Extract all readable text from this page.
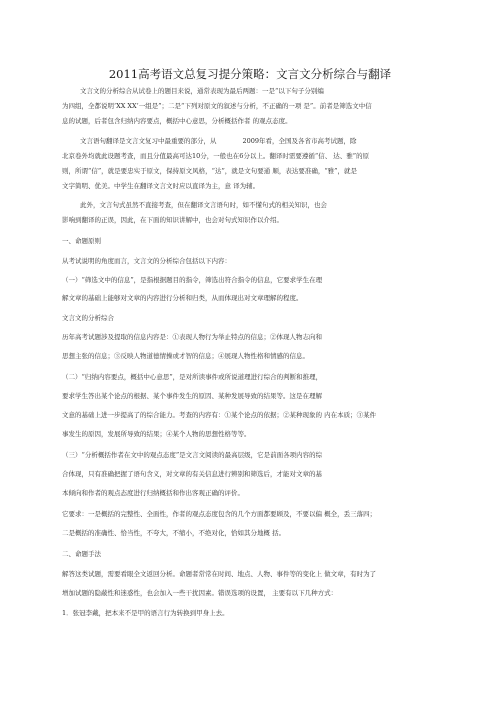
2011高考语文总复习提分策略：文言文分析综合与翻译
文言文的分析综合从试卷上的题目来说，通常表现为最后两题：一是“以下句子分别编
为四组，全都说明‘XX XX’一组是”；二是“下列对原文的叙述与分析，不正确的一项 是”。前者是筛选文中信
息的试题，后者包含归纳内容要点，概括中心意思，分析概括作者 的观点态度。
文言语句翻译是文言文复习中最重要的部分，从　　　　2009年看，全国及各省市高考试题，除
北京卷外均就此设题考查，而且分值最高可达10分，一般也在6分以上。翻译时需要遵循“信、 达、雅”的原
则，所谓“信”，就是要忠实于原文，保持原文风格，“达”，就是文句要通 顺，表达要准确，“雅”，就是
文字简明、优美。中学生在翻译文言文时应以直译为主，意 译为辅。
此外，文言句式虽然不直接考查，但在翻译文言语句时，如不懂句式的相关知识，也会
影响到翻译的正误，因此，在下面的知识讲解中，也会对句式知识作以介绍。
一、命题原则
从考试说明的角度而言，文言文的分析综合包括以下内容：
（一）“筛选文中的信息”，是指根据题目的指令，筛选出符合指令的信息，它要求学生在理
解文章的基础上能够对文章的内容进行分析和归类，从而体现出对文章理解的程度。
文言文的分析综合
历年高考试题涉及提取的信息内容是：①表现人物行为举止特点的信息；②体现人物志向和
思想主张的信息；③反映人物道德情操或才智的信息；④展现人物性格和情感的信息。
（二）“归纳内容要点，概括中心意思”，是对所读事件或所说道理进行综合的判断和推理，
要求学生答出某个论点的根据、某个事件发生的原因、某种发展导致的结果等。这是在理解
文意的基础上进一步提高了的综合能力。考查的内容有：①某个论点的依据；②某种现象的 内在本质；③某件
事发生的原因，发展所导致的结果；④某个人物的思想性格等等。
（三）“分析概括作者在文中的观点态度”是文言文阅读的最高层级，它是前面各项内容的综
合体现，只有准确把握了语句含义，对文章的有关信息进行辨别和筛选后，才能对文章的基
本倾向和作者的观点态度进行归纳概括和作出客观正确的评价。
它要求：一是概括的完整性、全面性，作者的观点态度包含的几个方面都要顾及，不要以偏 概全，丢三落四；
二是概括的准确性、恰当性，不夸大，不缩小，不绝对化，恰如其分地概 括。
二、命题手法
解答这类试题，需要看眼全文返回分析。命题者常常在时间、地点、人物、事件等的变化上 做文章，有时为了
增加试题的隐蔽性和迷惑性，也会加入一些干扰因素。错误选项的设置， 主要有以下几种方式：
1．张冠李戴，把本来不是甲的语言行为转换到甲身上去。
